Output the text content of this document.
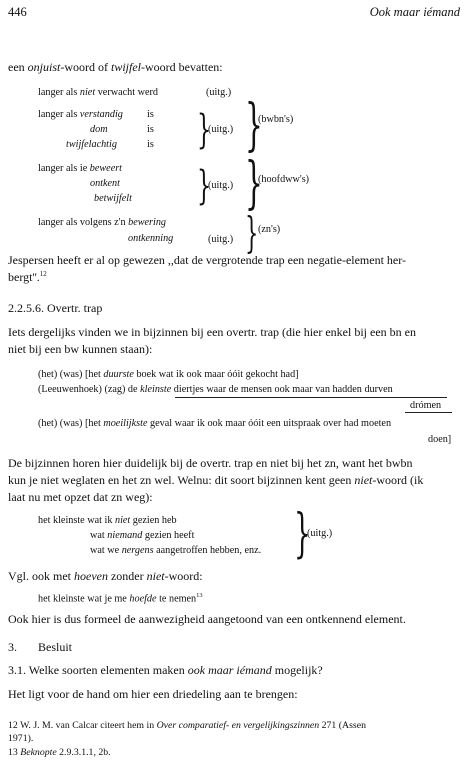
446	Ook maar iémand
een onjuist-woord of twijfel-woord bevatten:
langer als niet verwacht werd	(uitg.)
langer als verstandig is
dom	is
twijfelachtig	is }
(uitg.) }
(bwbn's)
langer als ie beweert
ontkent
betwijfelt }
(uitg.) }
(hoofdww's)
langer als volgens z'n bewering
ontkenning	(uitg.) } (zn's)
Jespersen heeft er al op gewezen ,,dat de vergrotende trap een negatie-element her-
bergt''.$^{12}$
2.2.5.6. Overtr. trap
Iets dergelijks vinden we in bijzinnen bij een overtr. trap (die hier enkel bij een bn en
niet bij een bw kunnen staan):
(het) (was) [het duurste boek wat ik ook maar óóit gekocht had]
(Leeuwenhoek) (zag) de kleinste diertjes waar de mensen ook maar van hadden durven
drómen
(het) (was) [het moeilijkste geval waar ik ook maar óóit een uitspraak over had moeten
doen]
De bijzinnen horen hier duidelijk bij de overtr. trap en niet bij het zn, want het bwbn
kun je niet weglaten en het zn wel. Welnu: dit soort bijzinnen kent geen niet-woord (ik
laat nu met opzet dat zn weg):
het kleinste wat ik niet gezien heb
wat niemand gezien heeft
wat we nergens aangetroffen hebben, enz. }
(uitg.)
Vgl. ook met hoeven zonder niet-woord:
het kleinste wat je me hoefde te nemen$^{13}$
Ook hier is dus formeel de aanwezigheid aangetoond van een ontkennend element.
3. Besluit
3.1. Welke soorten elementen maken ook maar iémand mogelijk?
Het ligt voor de hand om hier een driedeling aan te brengen:
12 W. J. M. van Calcar citeert hem in Over comparatief- en vergelijkingszinnen 271 (Assen
1971).
13 Beknopte 2.9.3.1.1, 2b.
